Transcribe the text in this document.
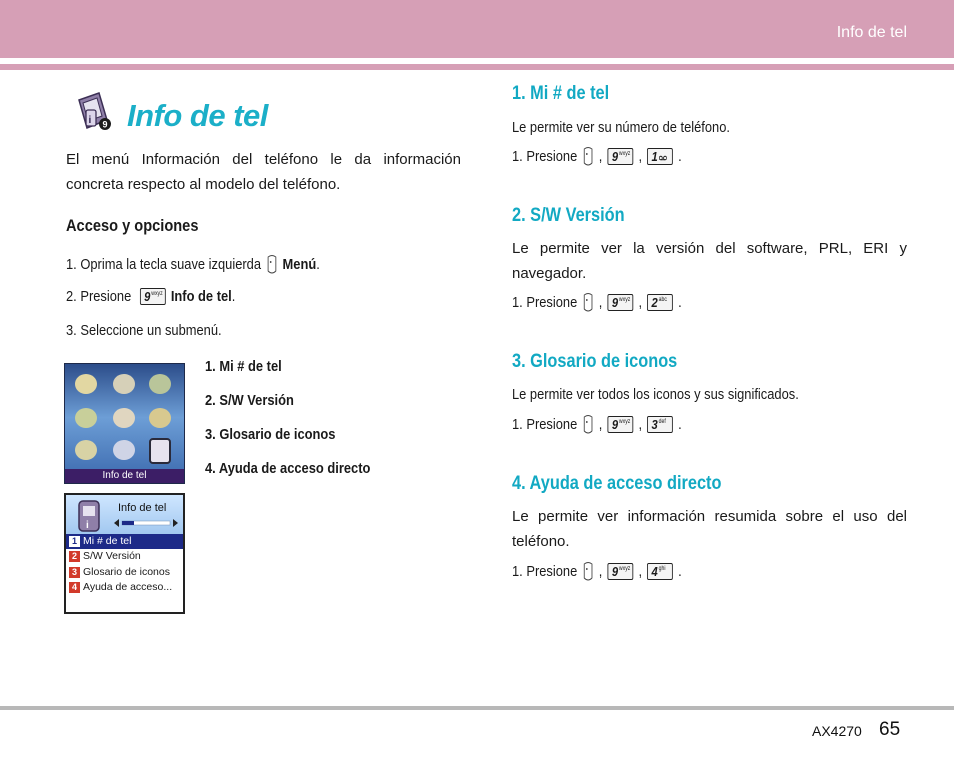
Info de tel
i 9 Info de tel
El menú Información del teléfono le da información concreta respecto al modelo del teléfono.
Acceso y opciones
1. Oprima la tecla suave izquierda Menú .
2. Presione 9 wxyz Info de tel .
3. Seleccione un submenú.
Info de tel
i
Info de tel
1 Mi # de tel
2 S/W Versión
3 Glosario de iconos
4 Ayuda de acceso...
1. Mi # de tel
2. S/W Versión
3. Glosario de iconos
4. Ayuda de acceso directo
1. Mi # de tel
Le permite ver su número de teléfono.
1. Presione , 9 wxyz , 1 .
2. S/W Versión
Le permite ver la versión del software, PRL, ERI y navegador.
1. Presione , 9 wxyz , 2 abc .
3. Glosario de iconos
Le permite ver todos los iconos y sus significados.
1. Presione , 9 wxyz , 3 def .
4. Ayuda de acceso directo
Le permite ver información resumida sobre el uso del teléfono.
1. Presione , 9 wxyz , 4 ghi .
AX4270 65
